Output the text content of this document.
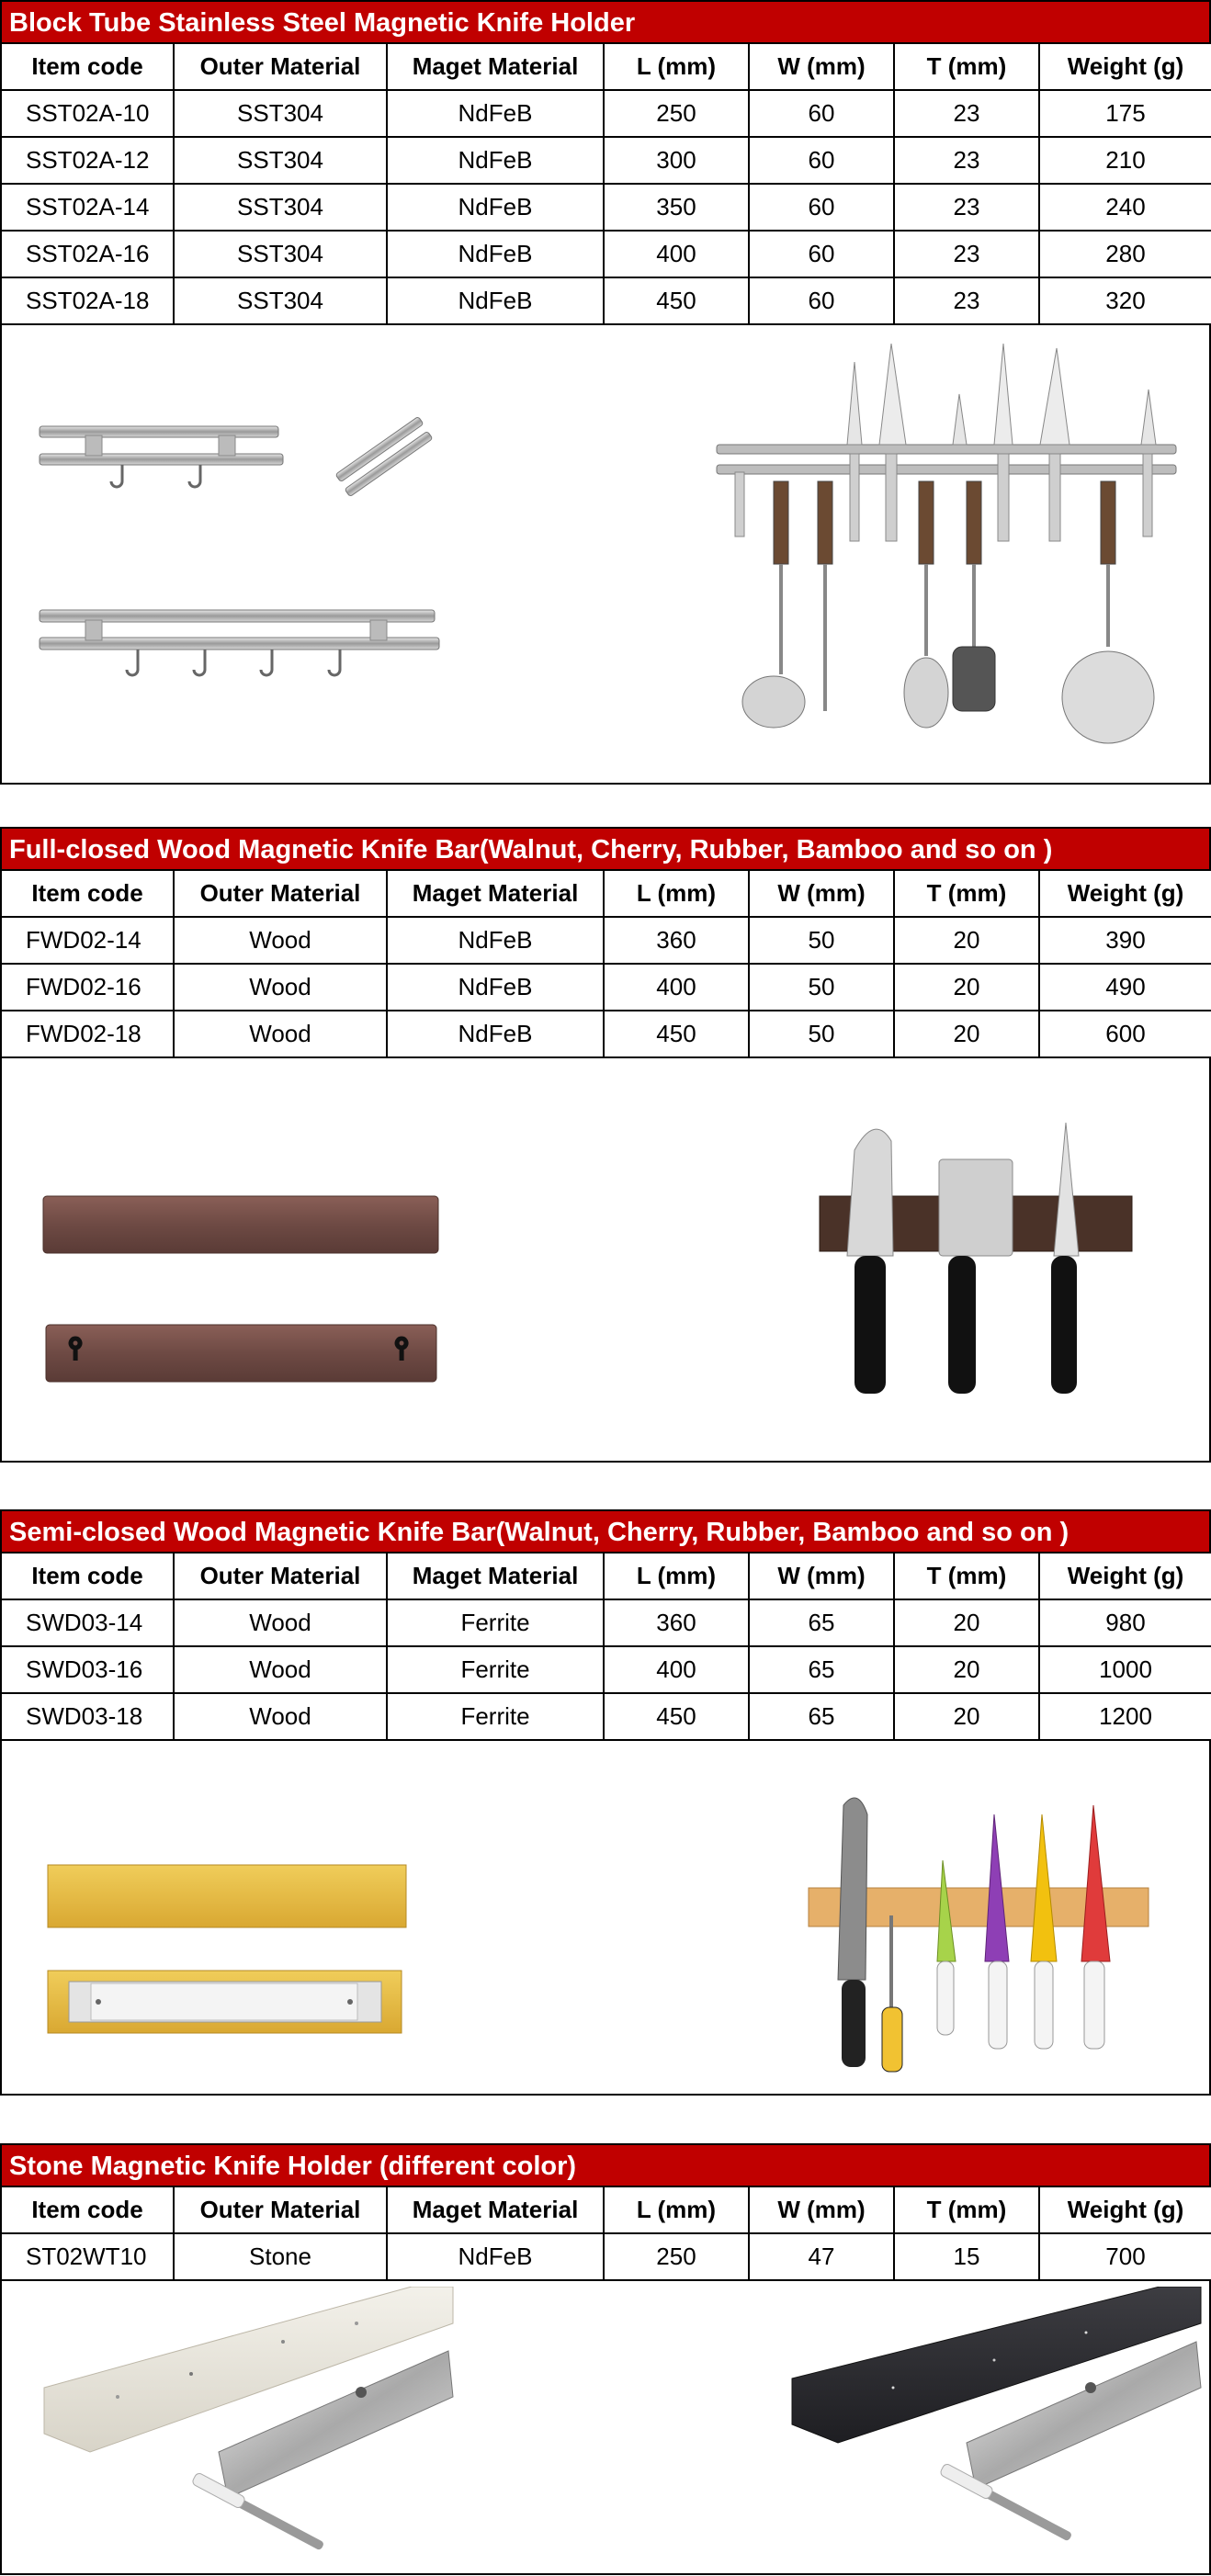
Block Tube Stainless Steel Magnetic Knife Holder
Item code	Outer Material	Maget Material	L (mm)	W (mm)	T (mm)	Weight (g)
SST02A-10	SST304	NdFeB	250	60	23	175
SST02A-12	SST304	NdFeB	300	60	23	210
SST02A-14	SST304	NdFeB	350	60	23	240
SST02A-16	SST304	NdFeB	400	60	23	280
SST02A-18	SST304	NdFeB	450	60	23	320
Full-closed Wood Magnetic Knife Bar(Walnut, Cherry, Rubber, Bamboo and so on )
Item code	Outer Material	Maget Material	L (mm)	W (mm)	T (mm)	Weight (g)
FWD02-14	Wood	NdFeB	360	50	20	390
FWD02-16	Wood	NdFeB	400	50	20	490
FWD02-18	Wood	NdFeB	450	50	20	600
Semi-closed Wood Magnetic Knife Bar(Walnut, Cherry, Rubber, Bamboo and so on )
Item code	Outer Material	Maget Material	L (mm)	W (mm)	T (mm)	Weight (g)
SWD03-14	Wood	Ferrite	360	65	20	980
SWD03-16	Wood	Ferrite	400	65	20	1000
SWD03-18	Wood	Ferrite	450	65	20	1200
Stone Magnetic Knife Holder (different color)
Item code	Outer Material	Maget Material	L (mm)	W (mm)	T (mm)	Weight (g)
ST02WT10	Stone	NdFeB	250	47	15	700
